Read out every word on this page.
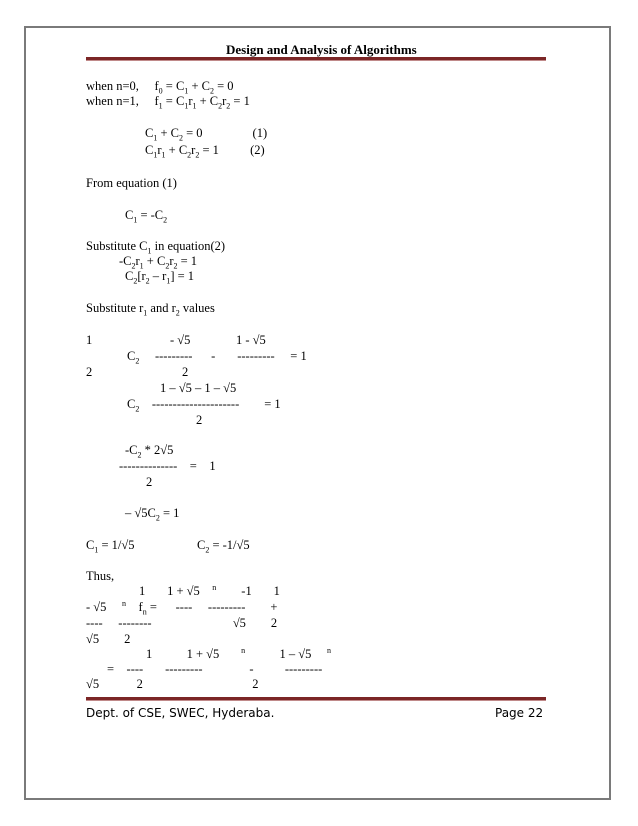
Design and Analysis of Algorithms
when n=0,     $f_0 = C_1 + C_2 = 0$
when n=1,     $f_1 = C_1r_1 + C_2r_2 = 1$
$C_1 + C_2 = 0$                (1)
$C_1r_1 + C_2r_2 = 1$          (2)
From equation (1)
$C_1 = -C_2$
Substitute $C_1$ in equation(2)
$-C_2r_1 + C_2r_2 = 1$
$C_2[r_2 - r_1] = 1$
Substitute $r_1$ and $r_2$ values
1	- √5	1 - √5
$C_2$     ---------      -       ---------     = 1
2	2
1 – √5 – 1 – √5
$C_2$    ---------------------        = 1
2
$-C_2 * 2√5$
--------------    =    1
2
– $√5C_2 = 1$
$C_1 = 1/√5$                    $C_2 = -1/√5$
Thus,
1       1 + √5    $^n$        -1       1
- √5     $^n$    $f_n$ =      ----     ---------        +
----     --------                          √5        2
√5        2
1           1 + √5       $^n$           1 – √5     $^n$
=    ----       ---------               -          ---------
√5            2                                   2
Dept. of CSE, SWEC, Hyderaba.	Page 22
